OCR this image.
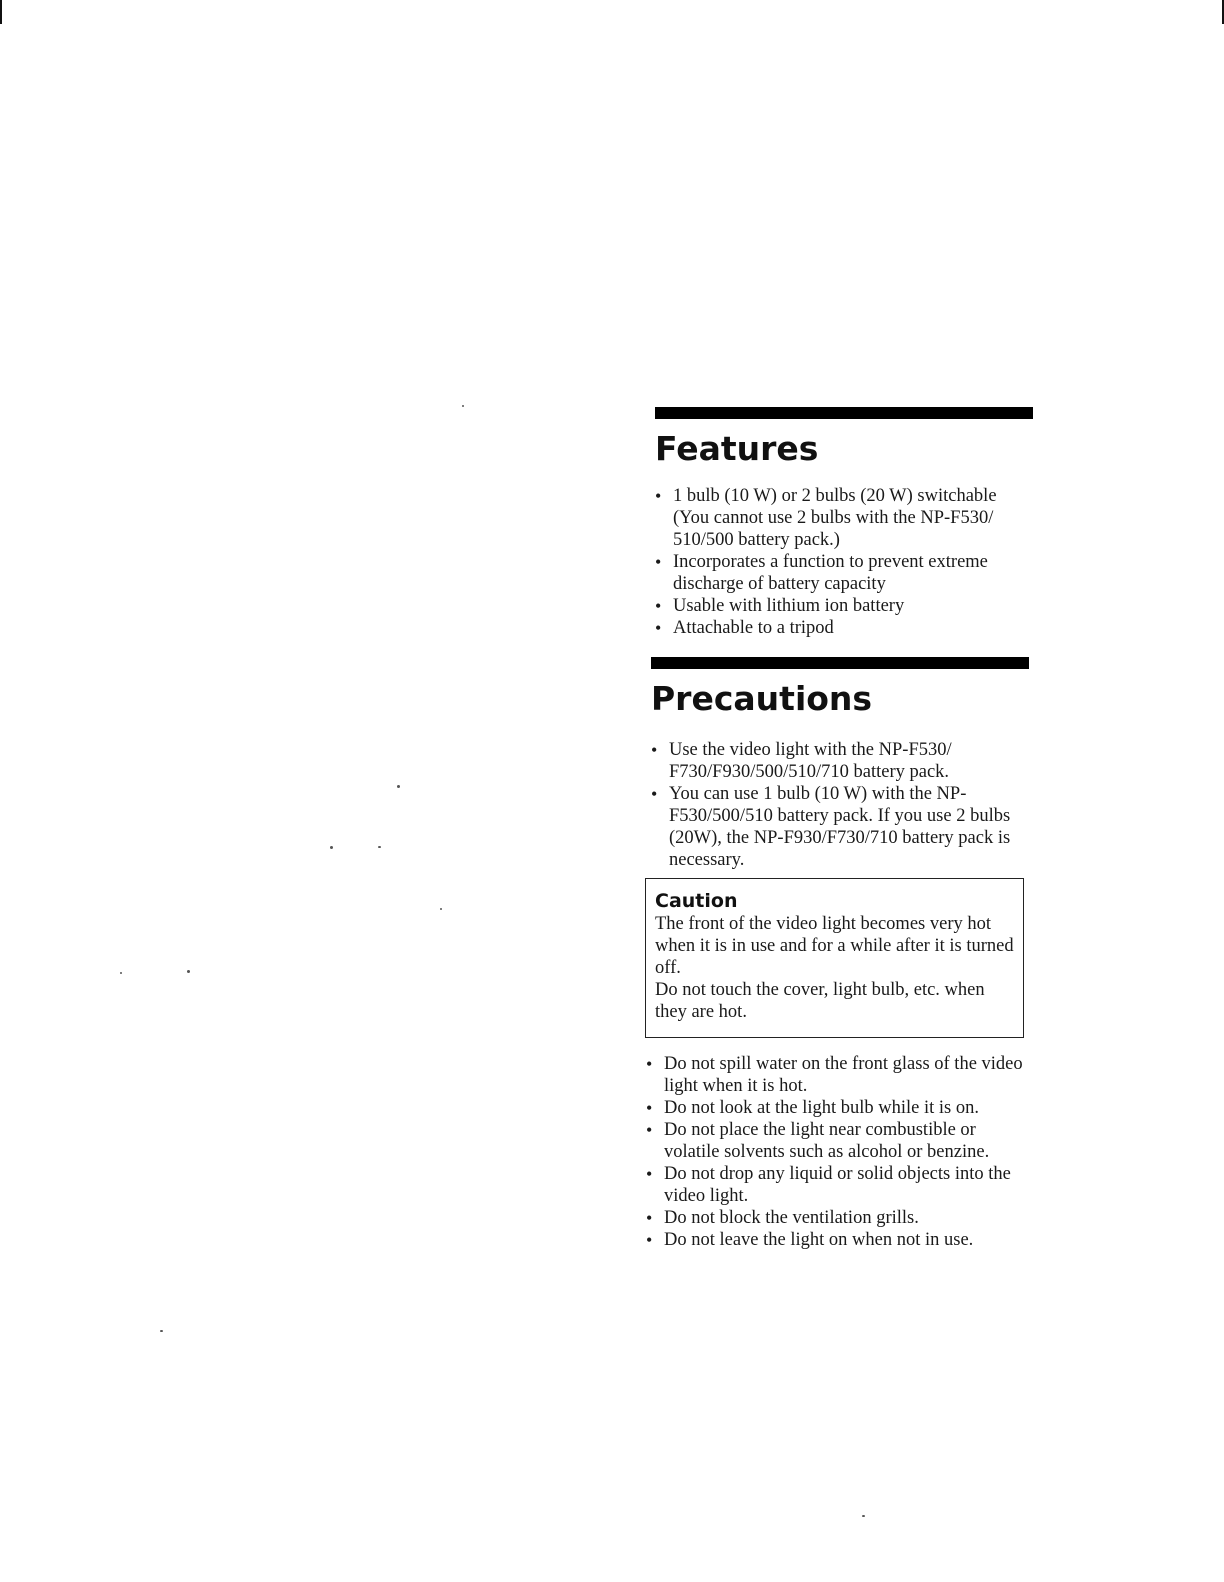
Features
• 1 bulb (10 W) or 2 bulbs (20 W) switchable (You cannot use 2 bulbs with the NP-F530/ 510/500 battery pack.)
• Incorporates a function to prevent extreme discharge of battery capacity
• Usable with lithium ion battery
• Attachable to a tripod
Precautions
• Use the video light with the NP-F530/ F730/F930/500/510/710 battery pack.
• You can use 1 bulb (10 W) with the NP-F530/500/510 battery pack. If you use 2 bulbs (20W), the NP-F930/F730/710 battery pack is necessary.
Caution
The front of the video light becomes very hot when it is in use and for a while after it is turned off.
Do not touch the cover, light bulb, etc. when they are hot.
• Do not spill water on the front glass of the video light when it is hot.
• Do not look at the light bulb while it is on.
• Do not place the light near combustible or volatile solvents such as alcohol or benzine.
• Do not drop any liquid or solid objects into the video light.
• Do not block the ventilation grills.
• Do not leave the light on when not in use.
